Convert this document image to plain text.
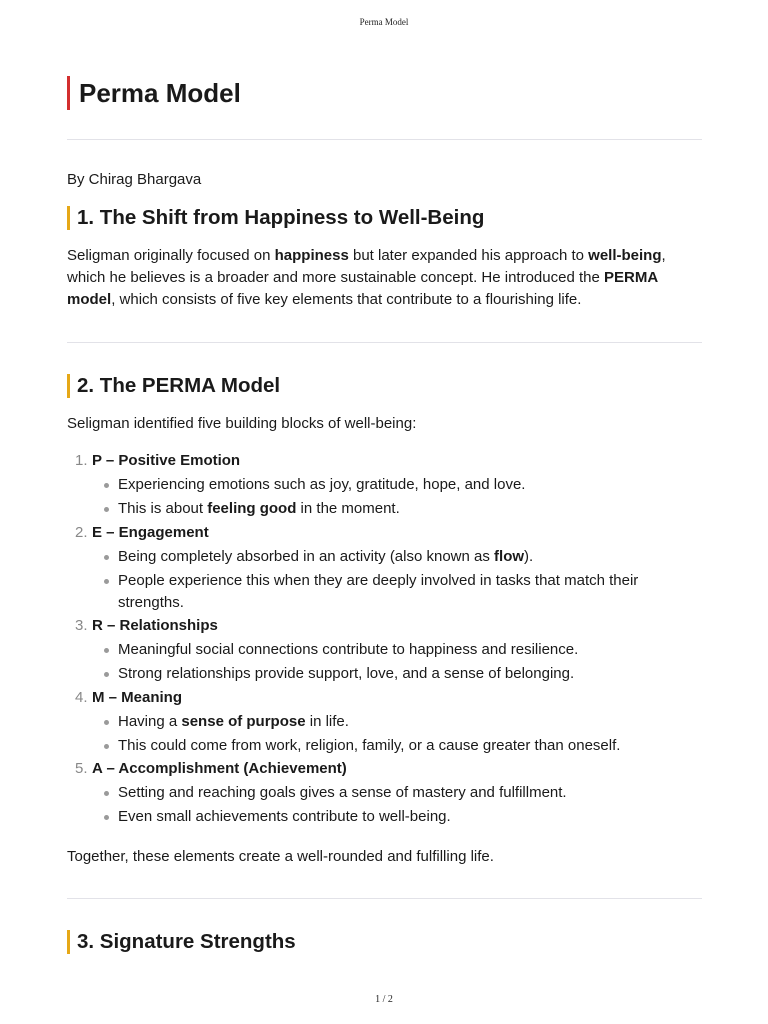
Perma Model
Perma Model
By Chirag Bhargava
1. The Shift from Happiness to Well-Being

Seligman originally focused on happiness but later expanded his approach to well-being, which he believes is a broader and more sustainable concept. He introduced the PERMA model, which consists of five key elements that contribute to a flourishing life.

2. The PERMA Model

Seligman identified five building blocks of well-being:

1. P – Positive Emotion
Experiencing emotions such as joy, gratitude, hope, and love.
This is about feeling good in the moment.
2. E – Engagement
Being completely absorbed in an activity (also known as flow).
People experience this when they are deeply involved in tasks that match their strengths.
3. R – Relationships
Meaningful social connections contribute to happiness and resilience.
Strong relationships provide support, love, and a sense of belonging.
4. M – Meaning
Having a sense of purpose in life.
This could come from work, religion, family, or a cause greater than oneself.
5. A – Accomplishment (Achievement)
Setting and reaching goals gives a sense of mastery and fulfillment.
Even small achievements contribute to well-being.

Together, these elements create a well-rounded and fulfilling life.

3. Signature Strengths
1 / 2
